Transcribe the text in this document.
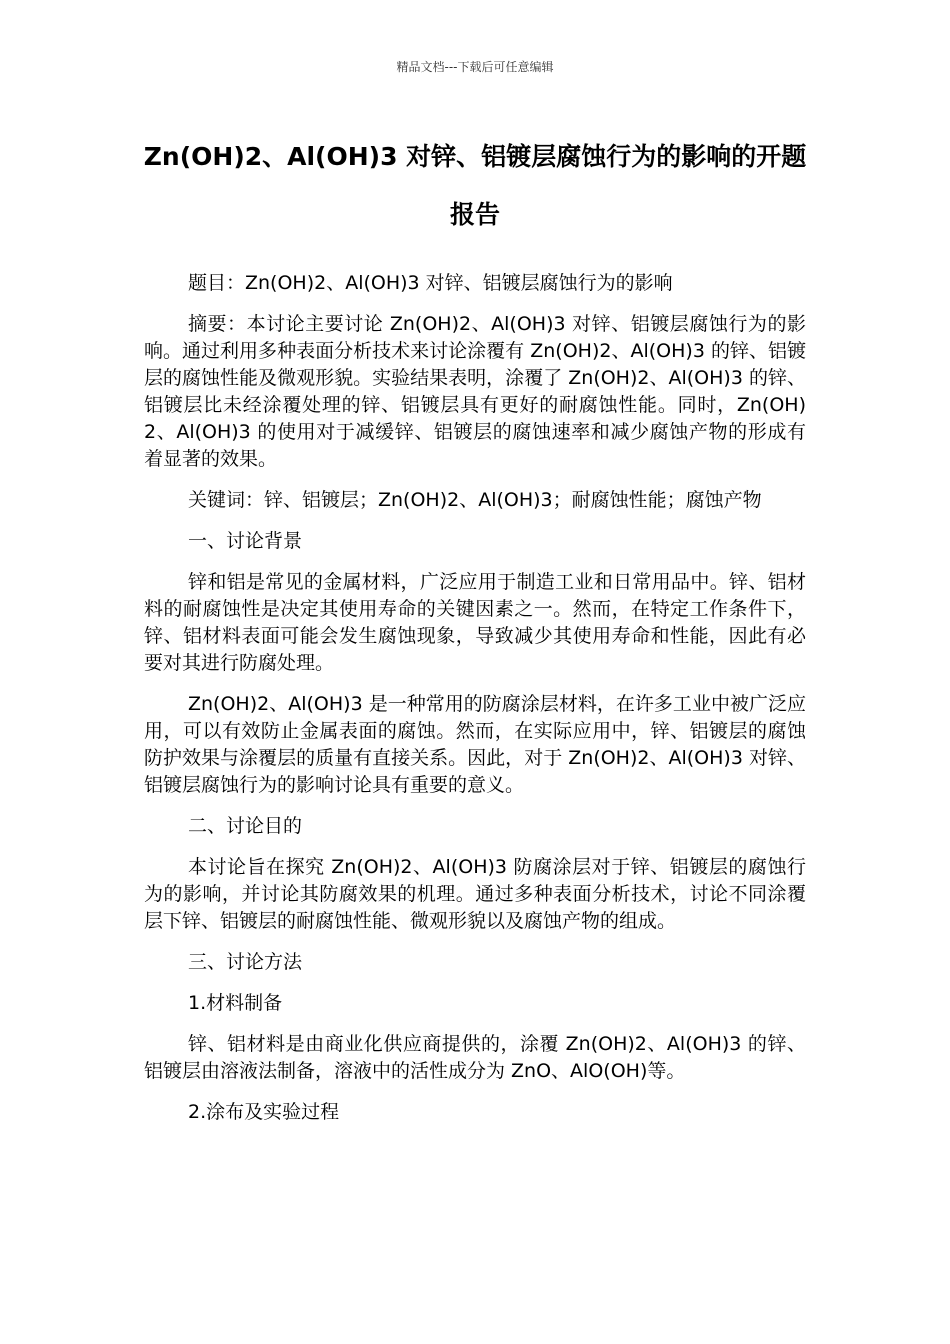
精品文档---下载后可任意编辑
Zn(OH)2、Al(OH)3 对锌、铝镀层腐蚀行为的影响的开题报告

题目：Zn(OH)2、Al(OH)3 对锌、铝镀层腐蚀行为的影响

摘要：本讨论主要讨论 Zn(OH)2、Al(OH)3 对锌、铝镀层腐蚀行为的影响。通过利用多种表面分析技术来讨论涂覆有 Zn(OH)2、Al(OH)3 的锌、铝镀层的腐蚀性能及微观形貌。实验结果表明，涂覆了 Zn(OH)2、Al(OH)3 的锌、铝镀层比未经涂覆处理的锌、铝镀层具有更好的耐腐蚀性能。同时，Zn(OH)2、Al(OH)3 的使用对于减缓锌、铝镀层的腐蚀速率和减少腐蚀产物的形成有着显著的效果。

关键词：锌、铝镀层；Zn(OH)2、Al(OH)3；耐腐蚀性能；腐蚀产物

一、讨论背景

锌和铝是常见的金属材料，广泛应用于制造工业和日常用品中。锌、铝材料的耐腐蚀性是决定其使用寿命的关键因素之一。然而，在特定工作条件下，锌、铝材料表面可能会发生腐蚀现象，导致减少其使用寿命和性能，因此有必要对其进行防腐处理。

Zn(OH)2、Al(OH)3 是一种常用的防腐涂层材料，在许多工业中被广泛应用，可以有效防止金属表面的腐蚀。然而，在实际应用中，锌、铝镀层的腐蚀防护效果与涂覆层的质量有直接关系。因此，对于 Zn(OH)2、Al(OH)3 对锌、铝镀层腐蚀行为的影响讨论具有重要的意义。

二、讨论目的

本讨论旨在探究 Zn(OH)2、Al(OH)3 防腐涂层对于锌、铝镀层的腐蚀行为的影响，并讨论其防腐效果的机理。通过多种表面分析技术，讨论不同涂覆层下锌、铝镀层的耐腐蚀性能、微观形貌以及腐蚀产物的组成。

三、讨论方法

1.材料制备

锌、铝材料是由商业化供应商提供的，涂覆 Zn(OH)2、Al(OH)3 的锌、铝镀层由溶液法制备，溶液中的活性成分为 ZnO、AlO(OH)等。

2.涂布及实验过程
